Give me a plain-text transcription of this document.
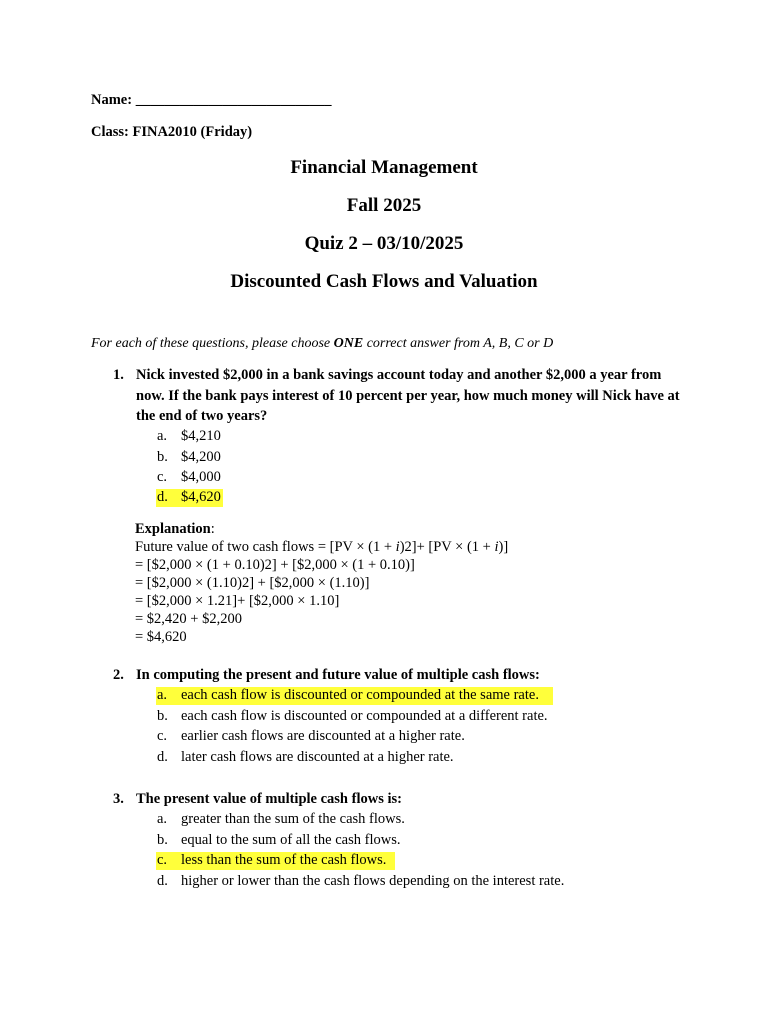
Name: ___________________________
Class: FINA2010 (Friday)
Financial Management
Fall 2025
Quiz 2 – 03/10/2025
Discounted Cash Flows and Valuation
For each of these questions, please choose ONE correct answer from A, B, C or D
1. Nick invested $2,000 in a bank savings account today and another $2,000 a year from now. If the bank pays interest of 10 percent per year, how much money will Nick have at the end of two years?
a. $4,210
b. $4,200
c. $4,000
d. $4,620
Explanation:
Future value of two cash flows = [PV × (1 + i)2]+ [PV × (1 + i)]
= [$2,000 × (1 + 0.10)2] + [$2,000 × (1 + 0.10)]
= [$2,000 × (1.10)2] + [$2,000 × (1.10)]
= [$2,000 × 1.21]+ [$2,000 × 1.10]
= $2,420 + $2,200
= $4,620
2. In computing the present and future value of multiple cash flows:
a. each cash flow is discounted or compounded at the same rate.
b. each cash flow is discounted or compounded at a different rate.
c. earlier cash flows are discounted at a higher rate.
d. later cash flows are discounted at a higher rate.
3. The present value of multiple cash flows is:
a. greater than the sum of the cash flows.
b. equal to the sum of all the cash flows.
c. less than the sum of the cash flows.
d. higher or lower than the cash flows depending on the interest rate.
